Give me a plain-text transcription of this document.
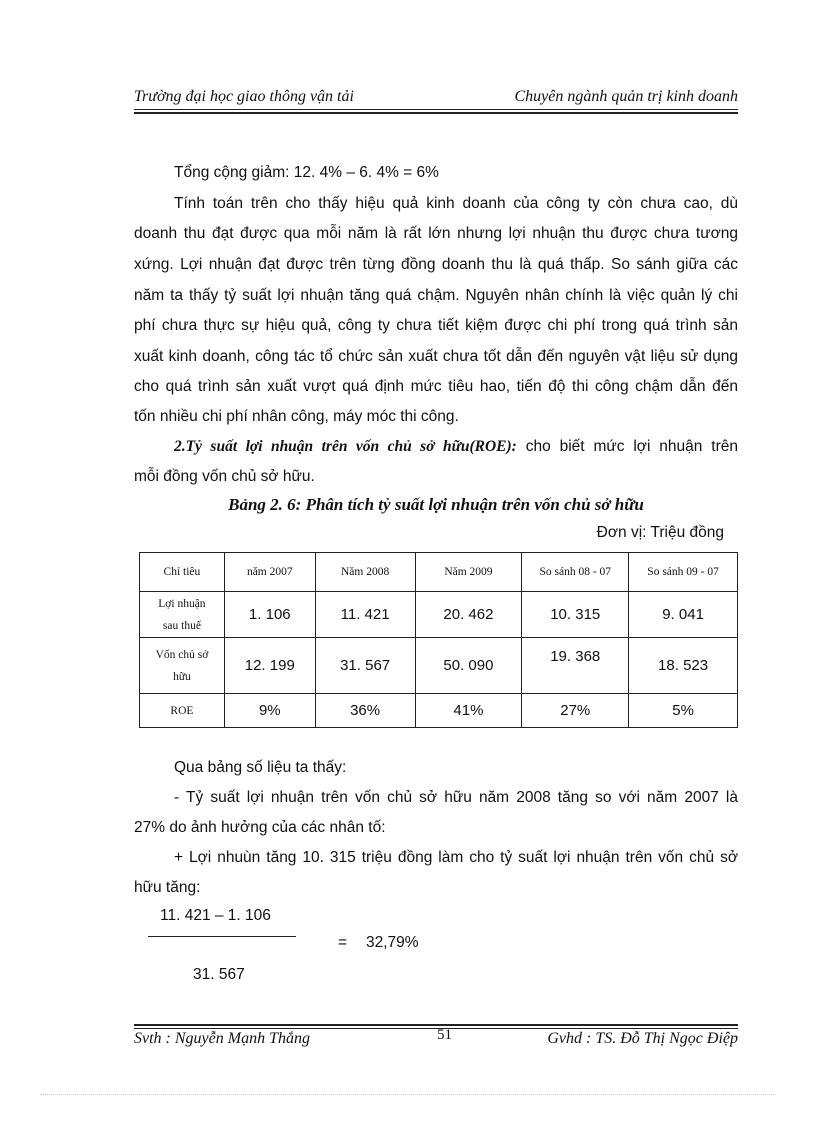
Trường đại học giao thông vận tải	Chuyên ngành quản trị kinh doanh
Tổng cộng giảm: 12. 4% – 6. 4% = 6%
Tính toán trên cho thấy hiệu quả kinh doanh của công ty còn chưa cao, dù
doanh thu đạt được qua mỗi năm là rất lớn nhưng lợi nhuận thu được chưa tương
xứng. Lợi nhuận đạt được trên từng đồng doanh thu là quá thấp. So sánh giữa các
năm ta thấy tỷ suất lợi nhuận tăng quá chậm. Nguyên nhân chính là việc quản lý chi
phí chưa thực sự hiệu quả, công ty chưa tiết kiệm được chi phí trong quá trình sản
xuất kinh doanh, công tác tổ chức sản xuất chưa tốt dẫn đến nguyên vật liệu sử dụng
cho quá trình sản xuất vượt quá định mức tiêu hao, tiến độ thi công chậm dẫn đến
tốn nhiều chi phí nhân công, máy móc thi công.
2.Tỷ suất lợi nhuận trên vốn chủ sở hữu(ROE): cho biết mức lợi nhuận trên
mỗi đồng vốn chủ sở hữu.
Bảng 2. 6: Phân tích tỷ suất lợi nhuận trên vốn chủ sở hữu
Đơn vị: Triệu đồng
Chỉ tiêu	năm 2007	Năm 2008	Năm 2009	So sánh 08 - 07	So sánh 09 - 07
Lợi nhuận
sau thuế	1. 106	11. 421	20. 462	10. 315	9. 041
Vốn chủ sở
hữu	12. 199	31. 567	50. 090	19. 368	18. 523
ROE	9%	36%	41%	27%	5%
Qua bảng số liệu ta thấy:
- Tỷ suất lợi nhuận trên vốn chủ sở hữu năm 2008 tăng so với năm 2007 là
27% do ảnh hưởng của các nhân tố:
+ Lợi nhuùn tăng 10. 315 triệu đồng làm cho tỷ suất lợi nhuận trên vốn chủ sở
hữu tăng:
11. 421 – 1. 106
= 32,79%
31. 567
Svth : Nguyễn Mạnh Thắng	51	Gvhd : TS. Đỗ Thị Ngọc Điệp
